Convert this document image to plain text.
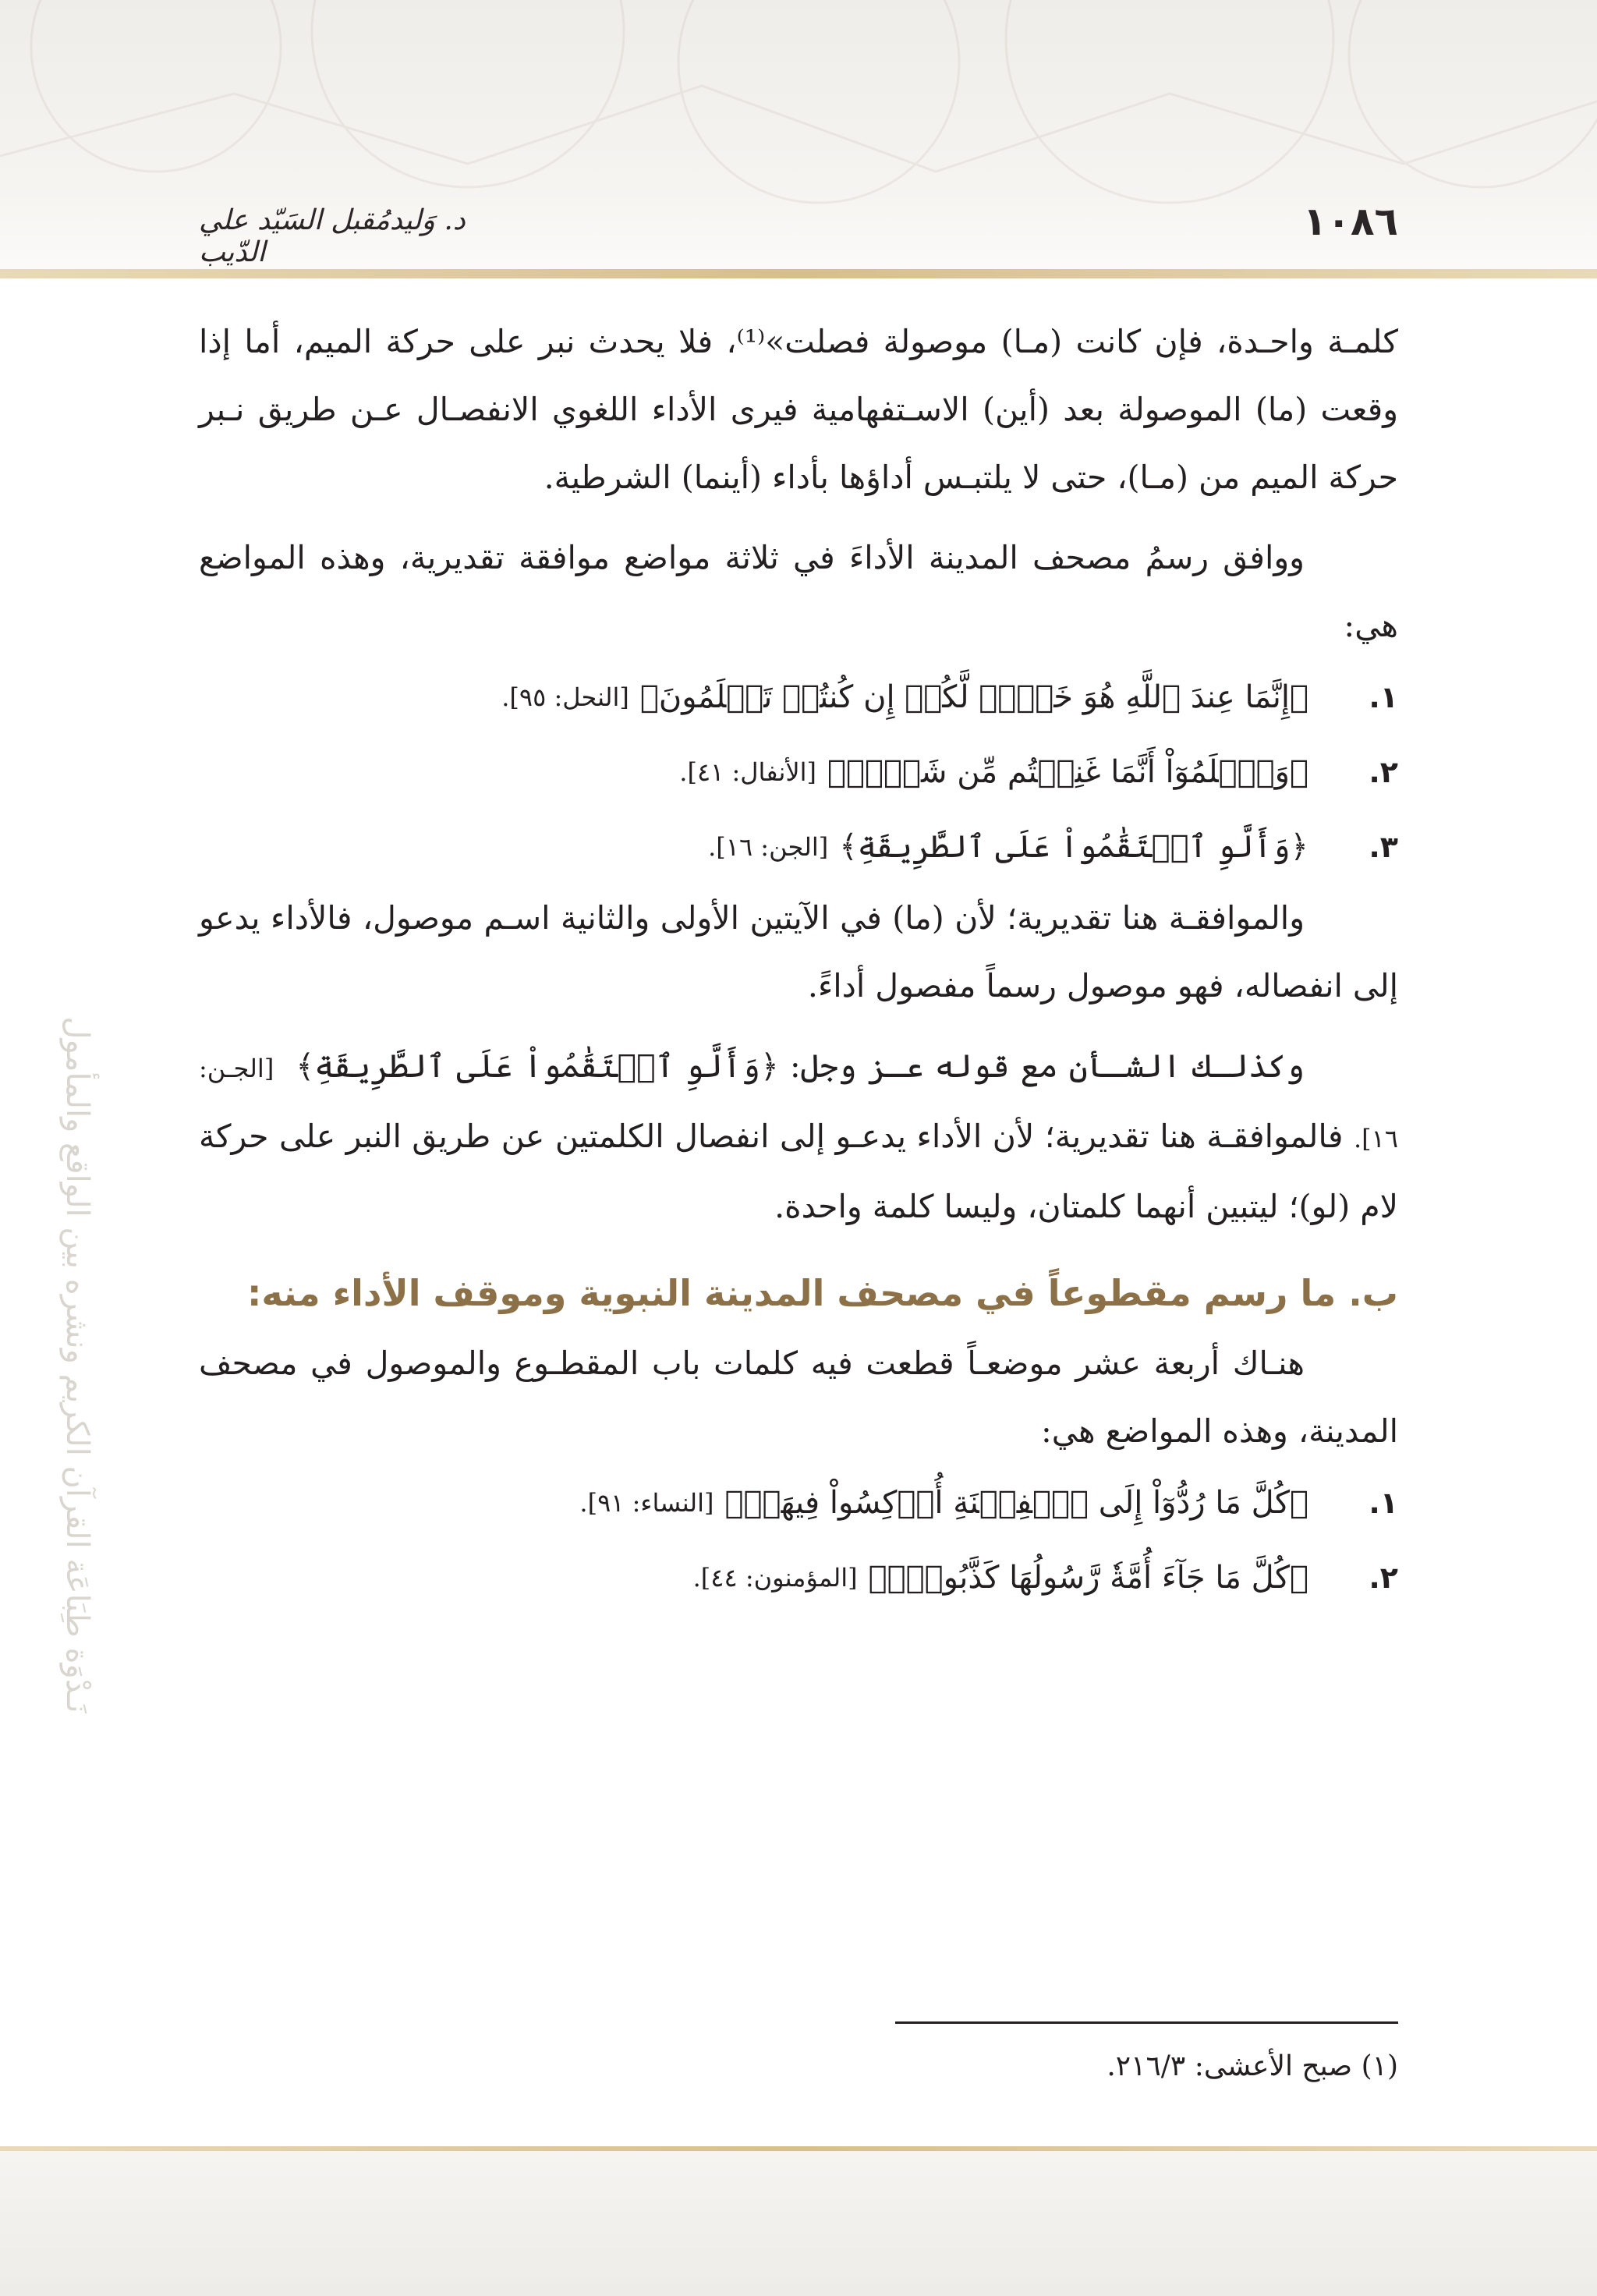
١٠٨٦
د. وَليدمُقبل السَيّد علي الدّيب
نَـدْوَة طِبَاعَة القرآن الكريم ونشره بين الواقع والمأمول

كلمـة واحـدة، فإن كانت (مـا) موصولة فصلت»⁽¹⁾، فلا يحدث نبر على حركة الميم، أما إذا وقعت (ما) الموصولة بعد (أين) الاسـتفهامية فيرى الأداء اللغوي الانفصـال عـن طريق نـبر حركة الميم من (مـا)، حتى لا يلتبـس أداؤها بأداء (أينما) الشرطية.

ووافق رسمُ مصحف المدينة الأداءَ في ثلاثة مواضع موافقة تقديرية، وهذه المواضع هي:

١.
﴿إِنَّمَا عِندَ ٱللَّهِ هُوَ خَيۡرٞ لَّكُمۡ إِن كُنتُمۡ تَعۡلَمُونَ﴾
[النحل: ٩٥].
٢.
﴿وَٱعۡلَمُوٓاْ أَنَّمَا غَنِمۡتُم مِّن شَيۡءٖ﴾
[الأنفال: ٤١].
٣.
﴿وَأَلَّوِ ٱسۡتَقَٰمُواْ عَلَى ٱلطَّرِيقَةِ﴾
[الجن: ١٦].

والموافقـة هنا تقديرية؛ لأن (ما) في الآيتين الأولى والثانية اسـم موصول، فالأداء يدعو إلى انفصاله، فهو موصول رسماً مفصول أداءً.

وكذلـك الشـأن مع قوله عـز وجل: ﴿وَأَلَّوِ ٱسۡتَقَٰمُواْ عَلَى ٱلطَّرِيقَةِ﴾ [الجـن: ١٦]. فالموافقـة هنا تقديرية؛ لأن الأداء يدعـو إلى انفصال الكلمتين عن طريق النبر على حركة لام (لو)؛ ليتبين أنهما كلمتان، وليسا كلمة واحدة.

ب. ما رسم مقطوعاً في مصحف المدينة النبوية وموقف الأداء منه:

هنـاك أربعة عشر موضعـاً قطعت فيه كلمات باب المقطـوع والموصول في مصحف المدينة، وهذه المواضع هي:

١.
﴿كُلَّ مَا رُدُّوٓاْ إِلَى ٱلۡفِتۡنَةِ أُرۡكِسُواْ فِيهَاۚ﴾
[النساء: ٩١].
٢.
﴿كُلَّ مَا جَآءَ أُمَّةٗ رَّسُولُهَا كَذَّبُوهُۖ﴾
[المؤمنون: ٤٤].
(١) صبح الأعشى: ٢١٦/٣.
